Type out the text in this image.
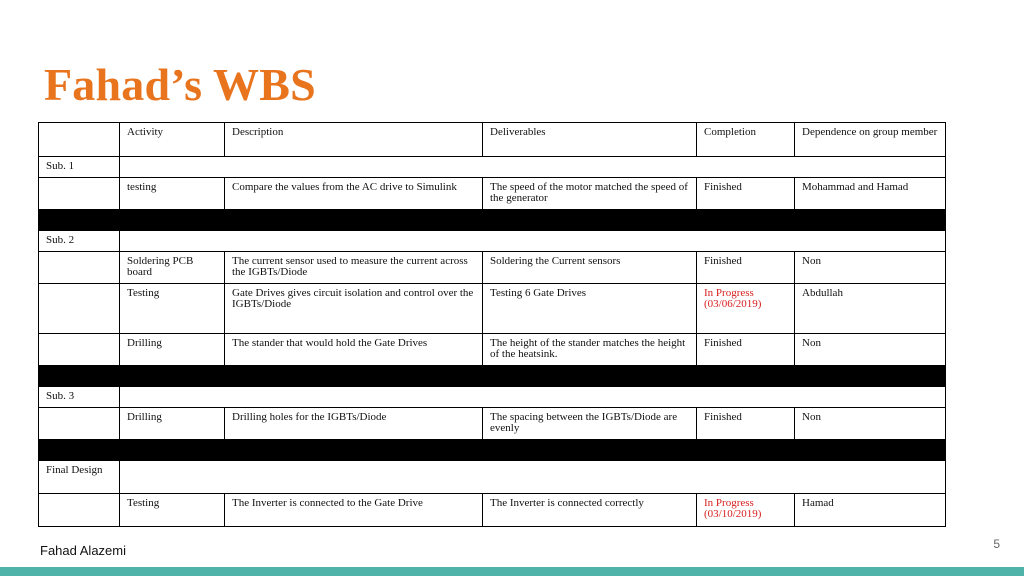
Fahad’s WBS
	Activity	Description	Deliverables	Completion	Dependence on group member
Sub. 1					
	testing	Compare the values from the AC drive to Simulink	The speed of the motor matched the speed of the generator	Finished	Mohammad and Hamad

Sub. 2					
	Soldering PCB board	The current sensor used to measure the current across the IGBTs/Diode	Soldering the Current sensors	Finished	Non
	Testing	Gate Drives gives circuit isolation and control over the IGBTs/Diode	Testing 6 Gate Drives	In Progress (03/06/2019)	Abdullah
	Drilling	The stander that would hold the Gate Drives	The height of the stander matches the height of the heatsink.	Finished	Non

Sub. 3					
	Drilling	Drilling holes for the IGBTs/Diode	The spacing between the IGBTs/Diode are evenly	Finished	Non

Final Design					
	Testing	The Inverter is connected to the Gate Drive	The Inverter is connected correctly	In Progress (03/10/2019)	Hamad
Fahad Alazemi	5
